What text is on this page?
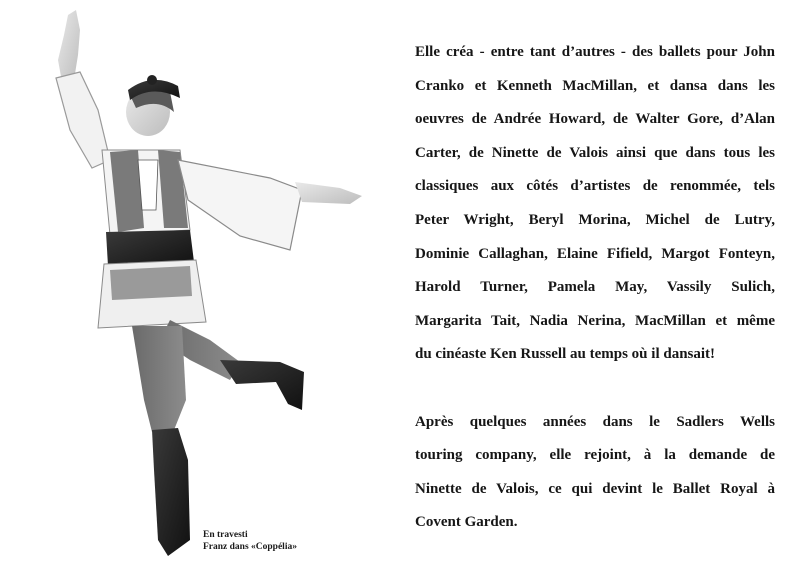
En travesti
Franz dans «Coppélia»

Elle créa - entre tant d’autres - des ballets pour John
Cranko et Kenneth MacMillan, et dansa dans les
oeuvres de Andrée Howard, de Walter Gore, d’Alan
Carter, de Ninette de Valois ainsi que dans tous les
classiques aux côtés d’artistes de renommée, tels
Peter Wright, Beryl Morina, Michel de Lutry,
Dominie Callaghan, Elaine Fifield, Margot Fonteyn,
Harold Turner, Pamela May, Vassily Sulich,
Margarita Tait, Nadia Nerina, MacMillan et même
du cinéaste Ken Russell au temps où il dansait!

Après quelques années dans le Sadlers Wells
touring company, elle rejoint, à la demande de
Ninette de Valois, ce qui devint le Ballet Royal à
Covent Garden.
